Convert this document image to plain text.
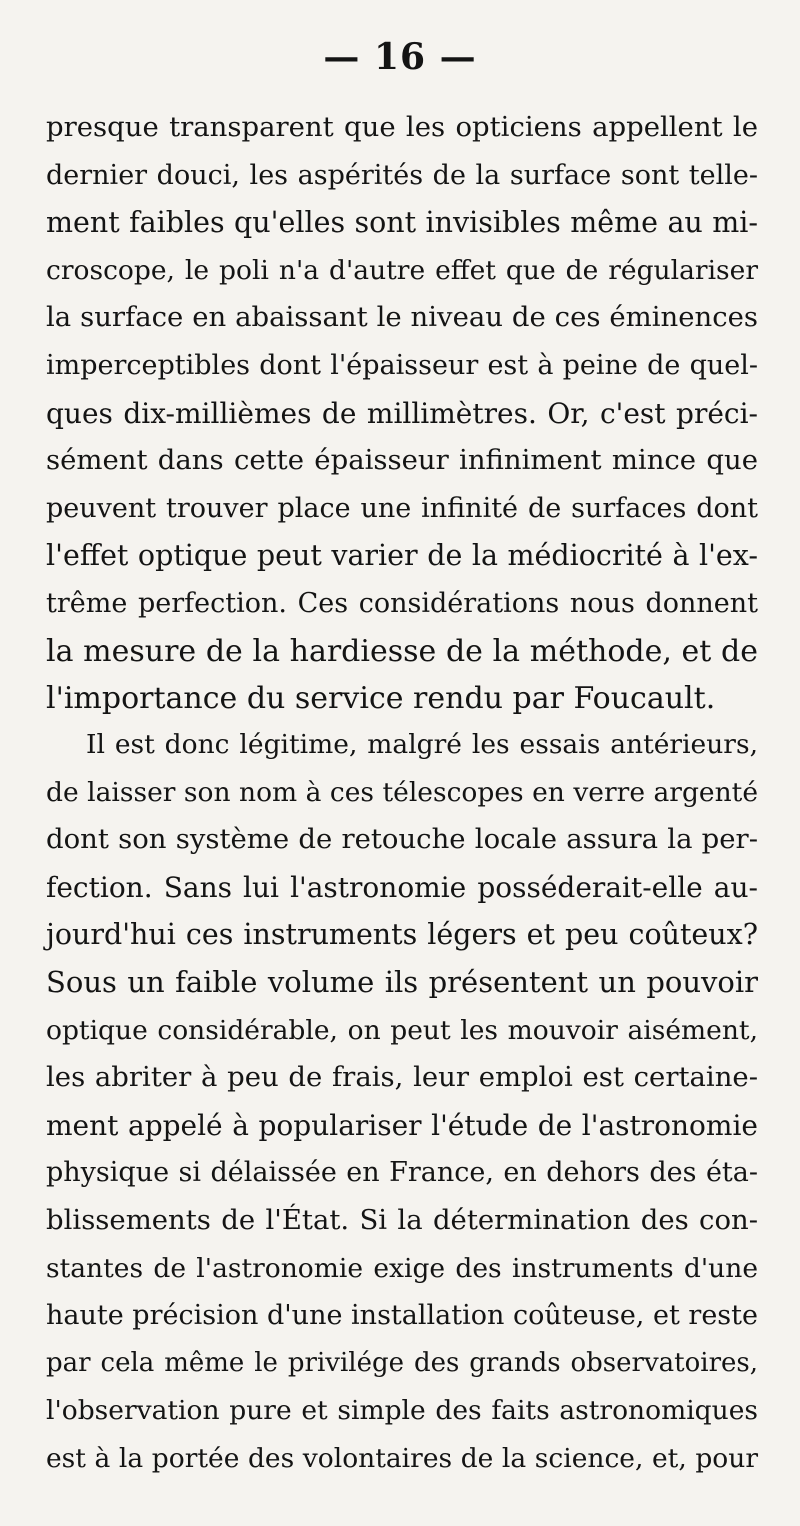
— 16 —
presque transparent que les opticiens appellent le
dernier douci, les aspérités de la surface sont telle-
ment faibles qu'elles sont invisibles même au mi-
croscope, le poli n'a d'autre effet que de régulariser
la surface en abaissant le niveau de ces éminences
imperceptibles dont l'épaisseur est à peine de quel-
ques dix-millièmes de millimètres. Or, c'est préci-
sément dans cette épaisseur infiniment mince que
peuvent trouver place une infinité de surfaces dont
l'effet optique peut varier de la médiocrité à l'ex-
trême perfection. Ces considérations nous donnent
la mesure de la hardiesse de la méthode, et de
l'importance du service rendu par Foucault.
Il est donc légitime, malgré les essais antérieurs,
de laisser son nom à ces télescopes en verre argenté
dont son système de retouche locale assura la per-
fection. Sans lui l'astronomie posséderait-elle au-
jourd'hui ces instruments légers et peu coûteux?
Sous un faible volume ils présentent un pouvoir
optique considérable, on peut les mouvoir aisément,
les abriter à peu de frais, leur emploi est certaine-
ment appelé à populariser l'étude de l'astronomie
physique si délaissée en France, en dehors des éta-
blissements de l'État. Si la détermination des con-
stantes de l'astronomie exige des instruments d'une
haute précision d'une installation coûteuse, et reste
par cela même le privilége des grands observatoires,
l'observation pure et simple des faits astronomiques
est à la portée des volontaires de la science, et, pour
